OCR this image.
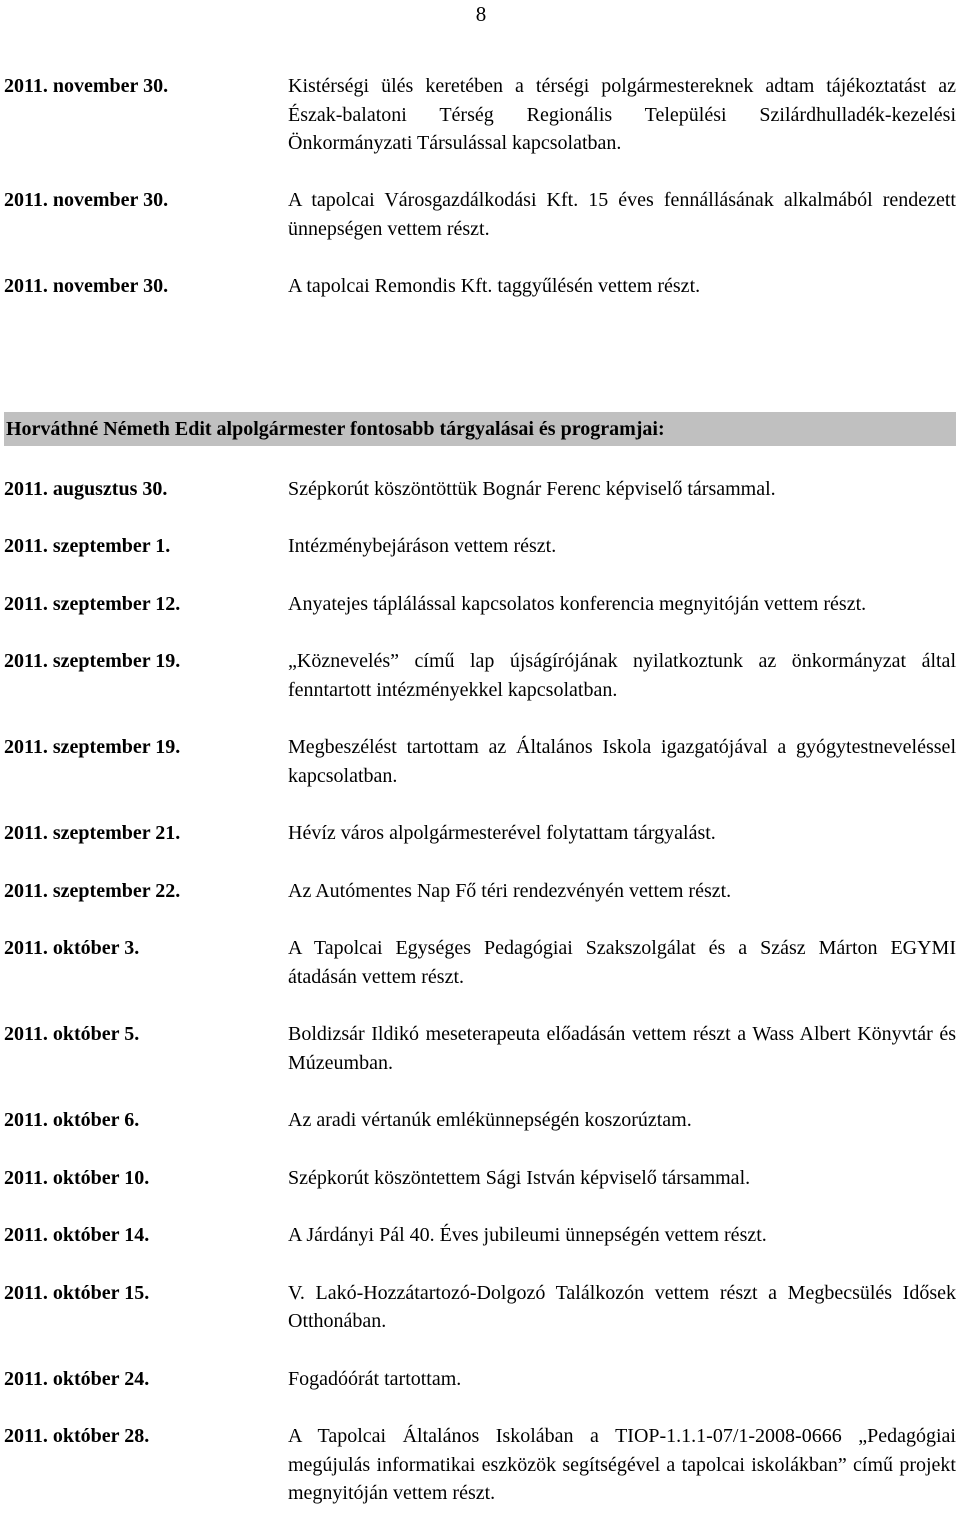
8
2011. november 30.	Kistérségi ülés keretében a térségi polgármestereknek adtam tájékoztatást az Észak-balatoni Térség Regionális Települési Szilárdhulladék-kezelési Önkormányzati Társulással kapcsolatban.
2011. november 30.	A tapolcai Városgazdálkodási Kft. 15 éves fennállásának alkalmából rendezett ünnepségen vettem részt.
2011. november 30.	A tapolcai Remondis Kft. taggyűlésén vettem részt.
Horváthné Németh Edit alpolgármester fontosabb tárgyalásai és programjai:
2011. augusztus 30.	Szépkorút köszöntöttük Bognár Ferenc képviselő társammal.
2011. szeptember 1.	Intézménybejáráson vettem részt.
2011. szeptember 12.	Anyatejes táplálással kapcsolatos konferencia megnyitóján vettem részt.
2011. szeptember 19.	„Köznevelés” című lap újságírójának nyilatkoztunk az önkormányzat által fenntartott intézményekkel kapcsolatban.
2011. szeptember 19.	Megbeszélést tartottam az Általános Iskola igazgatójával a gyógytestneveléssel kapcsolatban.
2011. szeptember 21.	Hévíz város alpolgármesterével folytattam tárgyalást.
2011. szeptember 22.	Az Autómentes Nap Fő téri rendezvényén vettem részt.
2011. október 3.	A Tapolcai Egységes Pedagógiai Szakszolgálat és a Szász Márton EGYMI átadásán vettem részt.
2011. október 5.	Boldizsár Ildikó meseterapeuta előadásán vettem részt a Wass Albert Könyvtár és Múzeumban.
2011. október 6.	Az aradi vértanúk emlékünnepségén koszorúztam.
2011. október 10.	Szépkorút köszöntettem Sági István képviselő társammal.
2011. október 14.	A Járdányi Pál 40. Éves jubileumi ünnepségén vettem részt.
2011. október 15.	V. Lakó-Hozzátartozó-Dolgozó Találkozón vettem részt a Megbecsülés Idősek Otthonában.
2011. október 24.	Fogadóórát tartottam.
2011. október 28.	A Tapolcai Általános Iskolában a TIOP-1.1.1-07/1-2008-0666 „Pedagógiai megújulás informatikai eszközök segítségével a tapolcai iskolákban” című projekt megnyitóján vettem részt.
